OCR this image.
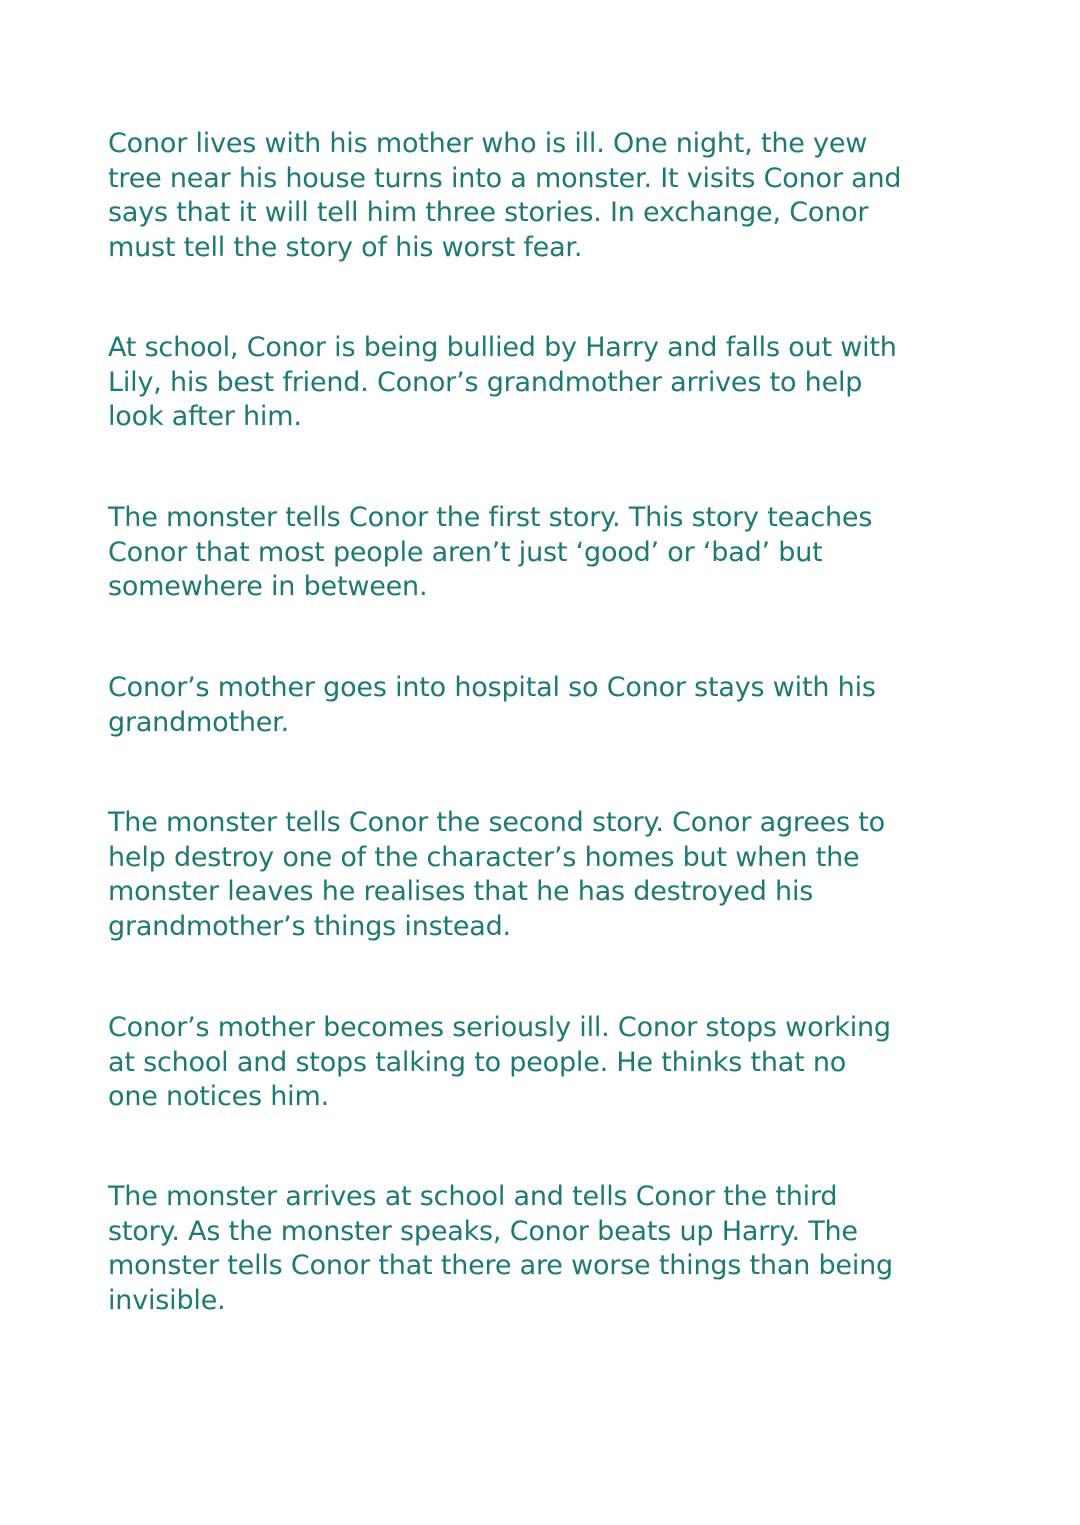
Conor lives with his mother who is ill. One night, the yew
tree near his house turns into a monster. It visits Conor and
says that it will tell him three stories. In exchange, Conor
must tell the story of his worst fear.

At school, Conor is being bullied by Harry and falls out with
Lily, his best friend. Conor’s grandmother arrives to help
look after him.

The monster tells Conor the first story. This story teaches
Conor that most people aren’t just ‘good’ or ‘bad’ but
somewhere in between.

Conor’s mother goes into hospital so Conor stays with his
grandmother.

The monster tells Conor the second story. Conor agrees to
help destroy one of the character’s homes but when the
monster leaves he realises that he has destroyed his
grandmother’s things instead.

Conor’s mother becomes seriously ill. Conor stops working
at school and stops talking to people. He thinks that no
one notices him.

The monster arrives at school and tells Conor the third
story. As the monster speaks, Conor beats up Harry. The
monster tells Conor that there are worse things than being
invisible.
